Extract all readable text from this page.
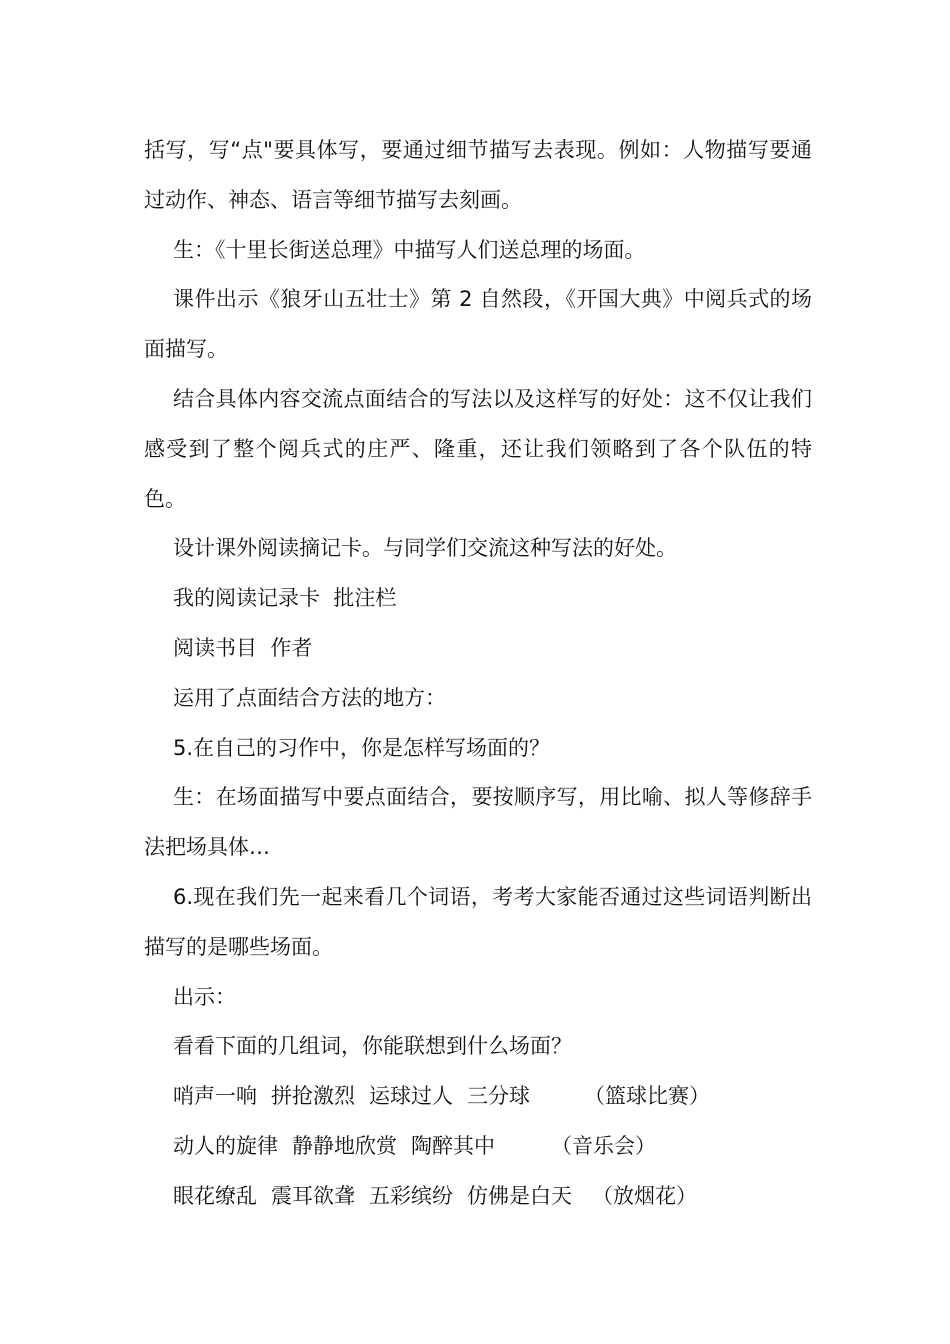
括写，写“点"要具体写，要通过细节描写去表现。例如：人物描写要通过动作、神态、语言等细节描写去刻画。

生：《十里长街送总理》中描写人们送总理的场面。

课件出示《狼牙山五壮士》第 2 自然段，《开国大典》中阅兵式的场面描写。

结合具体内容交流点面结合的写法以及这样写的好处：这不仅让我们感受到了整个阅兵式的庄严、隆重，还让我们领略到了各个队伍的特色。

设计课外阅读摘记卡。与同学们交流这种写法的好处。

我的阅读记录卡  批注栏

阅读书目  作者

运用了点面结合方法的地方：

5.在自己的习作中，你是怎样写场面的？

生：在场面描写中要点面结合，要按顺序写，用比喻、拟人等修辞手法把场具体…

6.现在我们先一起来看几个词语，考考大家能否通过这些词语判断出描写的是哪些场面。

出示：

看看下面的几组词，你能联想到什么场面？

哨声一响 拼抢激烈 运球过人 三分球	（篮球比赛）
动人的旋律 静静地欣赏 陶醉其中	（音乐会）
眼花缭乱 震耳欲聋 五彩缤纷 仿佛是白天 （放烟花）
